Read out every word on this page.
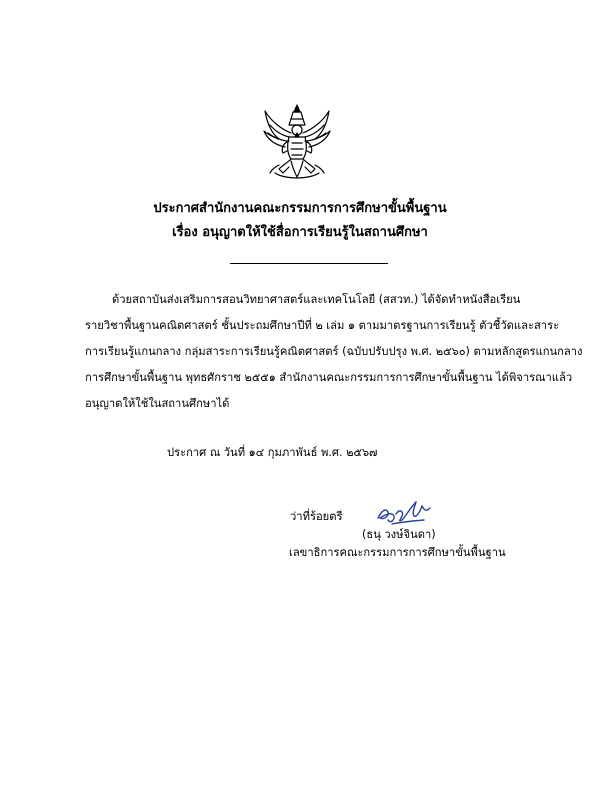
ประกาศสำนักงานคณะกรรมการการศึกษาขั้นพื้นฐาน
เรื่อง อนุญาตให้ใช้สื่อการเรียนรู้ในสถานศึกษา
ด้วยสถาบันส่งเสริมการสอนวิทยาศาสตร์และเทคโนโลยี (สสวท.) ได้จัดทำหนังสือเรียน
รายวิชาพื้นฐานคณิตศาสตร์ ชั้นประถมศึกษาปีที่ ๒ เล่ม ๑ ตามมาตรฐานการเรียนรู้ ตัวชี้วัดและสาระ
การเรียนรู้แกนกลาง กลุ่มสาระการเรียนรู้คณิตศาสตร์ (ฉบับปรับปรุง พ.ศ. ๒๕๖๐) ตามหลักสูตรแกนกลาง
การศึกษาขั้นพื้นฐาน พุทธศักราช ๒๕๕๑ สำนักงานคณะกรรมการการศึกษาขั้นพื้นฐาน ได้พิจารณาแล้ว
อนุญาตให้ใช้ในสถานศึกษาได้
ประกาศ ณ วันที่ ๑๔ กุมภาพันธ์ พ.ศ. ๒๕๖๗
ว่าที่ร้อยตรี
(ธนุ วงษ์จินดา)
เลขาธิการคณะกรรมการการศึกษาขั้นพื้นฐาน
